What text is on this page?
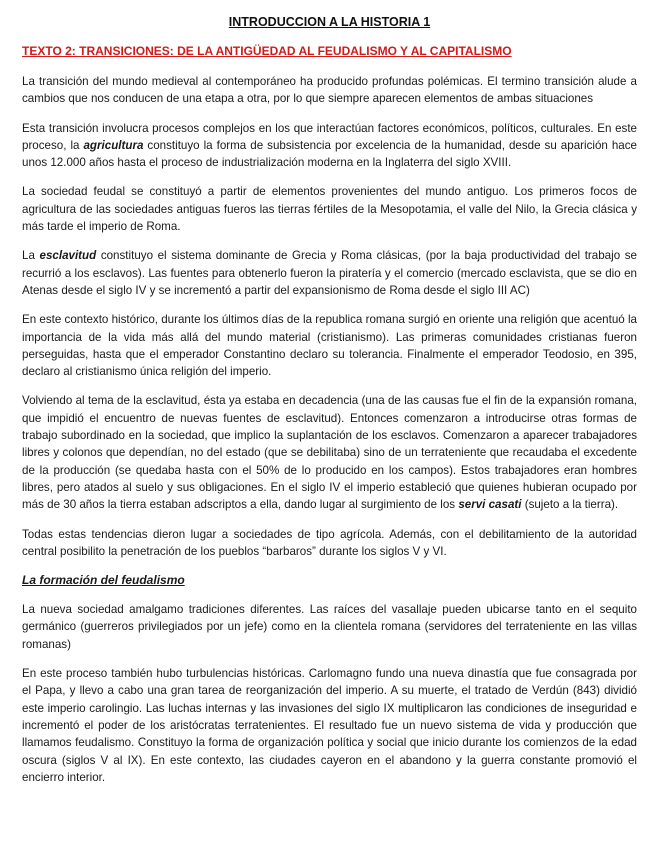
INTRODUCCION A LA HISTORIA 1
TEXTO 2: TRANSICIONES: DE LA ANTIGÜEDAD AL FEUDALISMO Y AL CAPITALISMO

La transición del mundo medieval al contemporáneo ha producido profundas polémicas. El termino transición alude a cambios que nos conducen de una etapa a otra, por lo que siempre aparecen elementos de ambas situaciones

Esta transición involucra procesos complejos en los que interactúan factores económicos, políticos, culturales. En este proceso, la agricultura constituyo la forma de subsistencia por excelencia de la humanidad, desde su aparición hace unos 12.000 años hasta el proceso de industrialización moderna en la Inglaterra del siglo XVIII.

La sociedad feudal se constituyó a partir de elementos provenientes del mundo antiguo. Los primeros focos de agricultura de las sociedades antiguas fueros las tierras fértiles de la Mesopotamia, el valle del Nilo, la Grecia clásica y más tarde el imperio de Roma.

La esclavitud constituyo el sistema dominante de Grecia y Roma clásicas, (por la baja productividad del trabajo se recurrió a los esclavos). Las fuentes para obtenerlo fueron la piratería y el comercio (mercado esclavista, que se dio en Atenas desde el siglo IV y se incrementó a partir del expansionismo de Roma desde el siglo III AC)

En este contexto histórico, durante los últimos días de la republica romana surgió en oriente una religión que acentuó la importancia de la vida más allá del mundo material (cristianismo). Las primeras comunidades cristianas fueron perseguidas, hasta que el emperador Constantino declaro su tolerancia. Finalmente el emperador Teodosio, en 395, declaro al cristianismo única religión del imperio.

Volviendo al tema de la esclavitud, ésta ya estaba en decadencia (una de las causas fue el fin de la expansión romana, que impidió el encuentro de nuevas fuentes de esclavitud). Entonces comenzaron a introducirse otras formas de trabajo subordinado en la sociedad, que implico la suplantación de los esclavos. Comenzaron a aparecer trabajadores libres y colonos que dependían, no del estado (que se debilitaba) sino de un terrateniente que recaudaba el excedente de la producción (se quedaba hasta con el 50% de lo producido en los campos). Estos trabajadores eran hombres libres, pero atados al suelo y sus obligaciones. En el siglo IV el imperio estableció que quienes hubieran ocupado por más de 30 años la tierra estaban adscriptos a ella, dando lugar al surgimiento de los servi casati (sujeto a la tierra).

Todas estas tendencias dieron lugar a sociedades de tipo agrícola. Además, con el debilitamiento de la autoridad central posibilito la penetración de los pueblos “barbaros” durante los siglos V y VI.

La formación del feudalismo

La nueva sociedad amalgamo tradiciones diferentes. Las raíces del vasallaje pueden ubicarse tanto en el sequito germánico (guerreros privilegiados por un jefe) como en la clientela romana (servidores del terrateniente en las villas romanas)

En este proceso también hubo turbulencias históricas. Carlomagno fundo una nueva dinastía que fue consagrada por el Papa, y llevo a cabo una gran tarea de reorganización del imperio. A su muerte, el tratado de Verdún (843) dividió este imperio carolingio. Las luchas internas y las invasiones del siglo IX multiplicaron las condiciones de inseguridad e incrementó el poder de los aristócratas terratenientes. El resultado fue un nuevo sistema de vida y producción que llamamos feudalismo. Constituyo la forma de organización política y social que inicio durante los comienzos de la edad oscura (siglos V al IX). En este contexto, las ciudades cayeron en el abandono y la guerra constante promovió el encierro interior.
